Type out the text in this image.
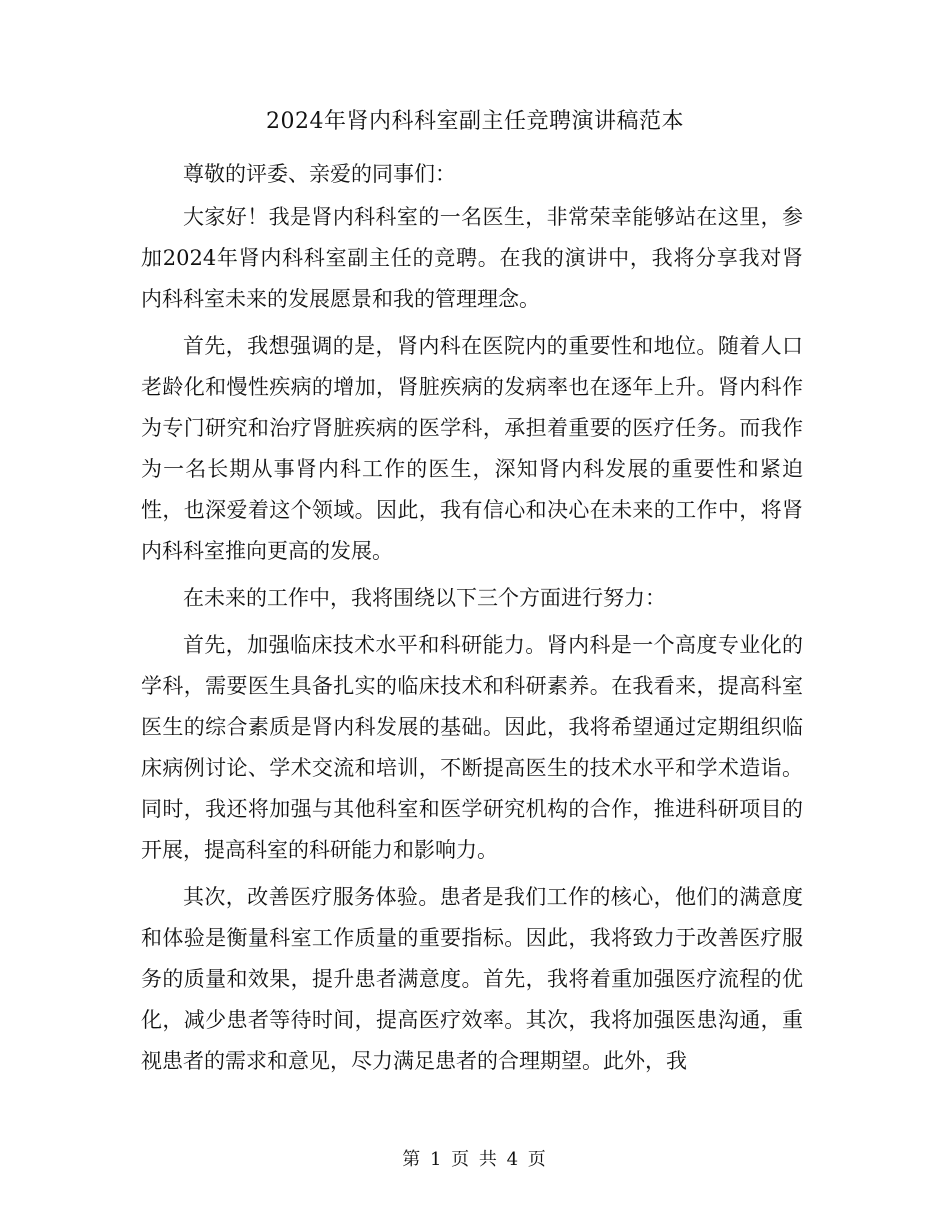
2024年肾内科科室副主任竞聘演讲稿范本

尊敬的评委、亲爱的同事们：

大家好！我是肾内科科室的一名医生，非常荣幸能够站在这里，参加2024年肾内科科室副主任的竞聘。在我的演讲中，我将分享我对肾内科科室未来的发展愿景和我的管理理念。

首先，我想强调的是，肾内科在医院内的重要性和地位。随着人口老龄化和慢性疾病的增加，肾脏疾病的发病率也在逐年上升。肾内科作为专门研究和治疗肾脏疾病的医学科，承担着重要的医疗任务。而我作为一名长期从事肾内科工作的医生，深知肾内科发展的重要性和紧迫性，也深爱着这个领域。因此，我有信心和决心在未来的工作中，将肾内科科室推向更高的发展。

在未来的工作中，我将围绕以下三个方面进行努力：

首先，加强临床技术水平和科研能力。肾内科是一个高度专业化的学科，需要医生具备扎实的临床技术和科研素养。在我看来，提高科室医生的综合素质是肾内科发展的基础。因此，我将希望通过定期组织临床病例讨论、学术交流和培训，不断提高医生的技术水平和学术造诣。同时，我还将加强与其他科室和医学研究机构的合作，推进科研项目的开展，提高科室的科研能力和影响力。

其次，改善医疗服务体验。患者是我们工作的核心，他们的满意度和体验是衡量科室工作质量的重要指标。因此，我将致力于改善医疗服务的质量和效果，提升患者满意度。首先，我将着重加强医疗流程的优化，减少患者等待时间，提高医疗效率。其次，我将加强医患沟通，重视患者的需求和意见，尽力满足患者的合理期望。此外，我

第 1 页 共 4 页
